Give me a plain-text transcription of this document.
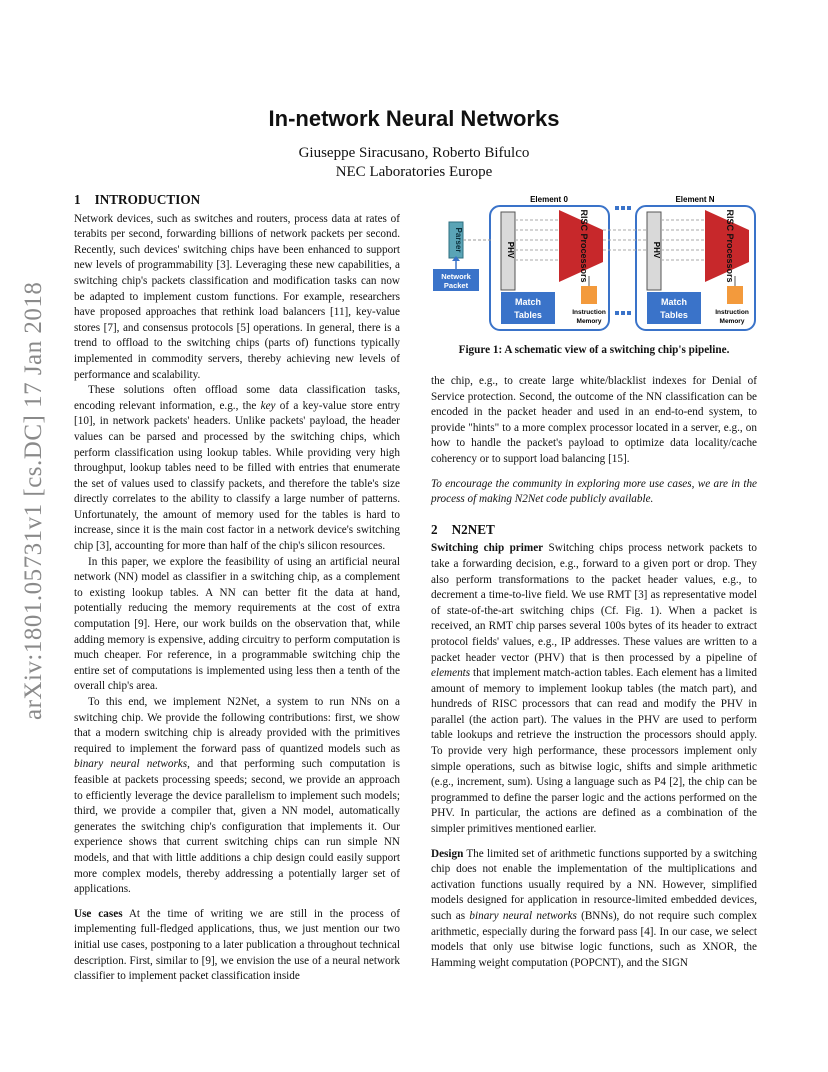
arXiv:1801.05731v1 [cs.DC] 17 Jan 2018
In-network Neural Networks
Giuseppe Siracusano, Roberto Bifulco
NEC Laboratories Europe
1 INTRODUCTION

Network devices, such as switches and routers, process data at rates of terabits per second, forwarding billions of network packets per second. Recently, such devices' switching chips have been enhanced to support new levels of programmability [3]. Leveraging these new capabilities, a switching chip's packets classification and modification tasks can now be adapted to implement custom functions. For example, researchers have proposed approaches that rethink load balancers [11], key-value stores [7], and consensus protocols [5] operations. In general, there is a trend to offload to the switching chips (parts of) functions typically implemented in commodity servers, thereby achieving new levels of performance and scalability.

These solutions often offload some data classification tasks, encoding relevant information, e.g., the key of a key-value store entry [10], in network packets' headers. Unlike packets' payload, the header values can be parsed and processed by the switching chips, which perform classification using lookup tables. While providing very high throughput, lookup tables need to be filled with entries that enumerate the set of values used to classify packets, and therefore the table's size directly correlates to the ability to classify a large number of patterns. Unfortunately, the amount of memory used for the tables is hard to increase, since it is the main cost factor in a network device's switching chip [3], accounting for more than half of the chip's silicon resources.

In this paper, we explore the feasibility of using an artificial neural network (NN) model as classifier in a switching chip, as a complement to existing lookup tables. A NN can better fit the data at hand, potentially reducing the memory requirements at the cost of extra computation [9]. Here, our work builds on the observation that, while adding memory is expensive, adding circuitry to perform computation is much cheaper. For reference, in a programmable switching chip the entire set of computations is implemented using less then a tenth of the overall chip's area.

To this end, we implement N2Net, a system to run NNs on a switching chip. We provide the following contributions: first, we show that a modern switching chip is already provided with the primitives required to implement the forward pass of quantized models such as binary neural networks, and that performing such computation is feasible at packets processing speeds; second, we provide an approach to efficiently leverage the device parallelism to implement such models; third, we provide a compiler that, given a NN model, automatically generates the switching chip's configuration that implements it. Our experience shows that current switching chips can run simple NN models, and that with little additions a chip design could easily support more complex models, thereby addressing a potentially larger set of applications.

Use cases At the time of writing we are still in the process of implementing full-fledged applications, thus, we just mention our two initial use cases, postponing to a later publication a throughout technical description. First, similar to [9], we envision the use of a neural network classifier to implement packet classification inside

Element 0	Element N
Parser
Network
Packet
PHV	RISC Processors
Match
Tables	Instruction
Memory
PHV	RISC Processors
Match
Tables	Instruction
Memory
Figure 1: A schematic view of a switching chip's pipeline.

the chip, e.g., to create large white/blacklist indexes for Denial of Service protection. Second, the outcome of the NN classification can be encoded in the packet header and used in an end-to-end system, to provide "hints" to a more complex processor located in a server, e.g., on how to handle the packet's payload to optimize data locality/cache coherency or to support load balancing [15].

To encourage the community in exploring more use cases, we are in the process of making N2Net code publicly available.

2 N2NET

Switching chip primer Switching chips process network packets to take a forwarding decision, e.g., forward to a given port or drop. They also perform transformations to the packet header values, e.g., to decrement a time-to-live field. We use RMT [3] as representative model of state-of-the-art switching chips (Cf. Fig. 1). When a packet is received, an RMT chip parses several 100s bytes of its header to extract protocol fields' values, e.g., IP addresses. These values are written to a packet header vector (PHV) that is then processed by a pipeline of elements that implement match-action tables. Each element has a limited amount of memory to implement lookup tables (the match part), and hundreds of RISC processors that can read and modify the PHV in parallel (the action part). The values in the PHV are used to perform table lookups and retrieve the instruction the processors should apply. To provide very high performance, these processors implement only simple operations, such as bitwise logic, shifts and simple arithmetic (e.g., increment, sum). Using a language such as P4 [2], the chip can be programmed to define the parser logic and the actions performed on the PHV. In particular, the actions are defined as a combination of the simpler primitives mentioned earlier.

Design The limited set of arithmetic functions supported by a switching chip does not enable the implementation of the multiplications and activation functions usually required by a NN. However, simplified models designed for application in resource-limited embedded devices, such as binary neural networks (BNNs), do not require such complex arithmetic, especially during the forward pass [4]. In our case, we select models that only use bitwise logic functions, such as XNOR, the Hamming weight computation (POPCNT), and the SIGN
